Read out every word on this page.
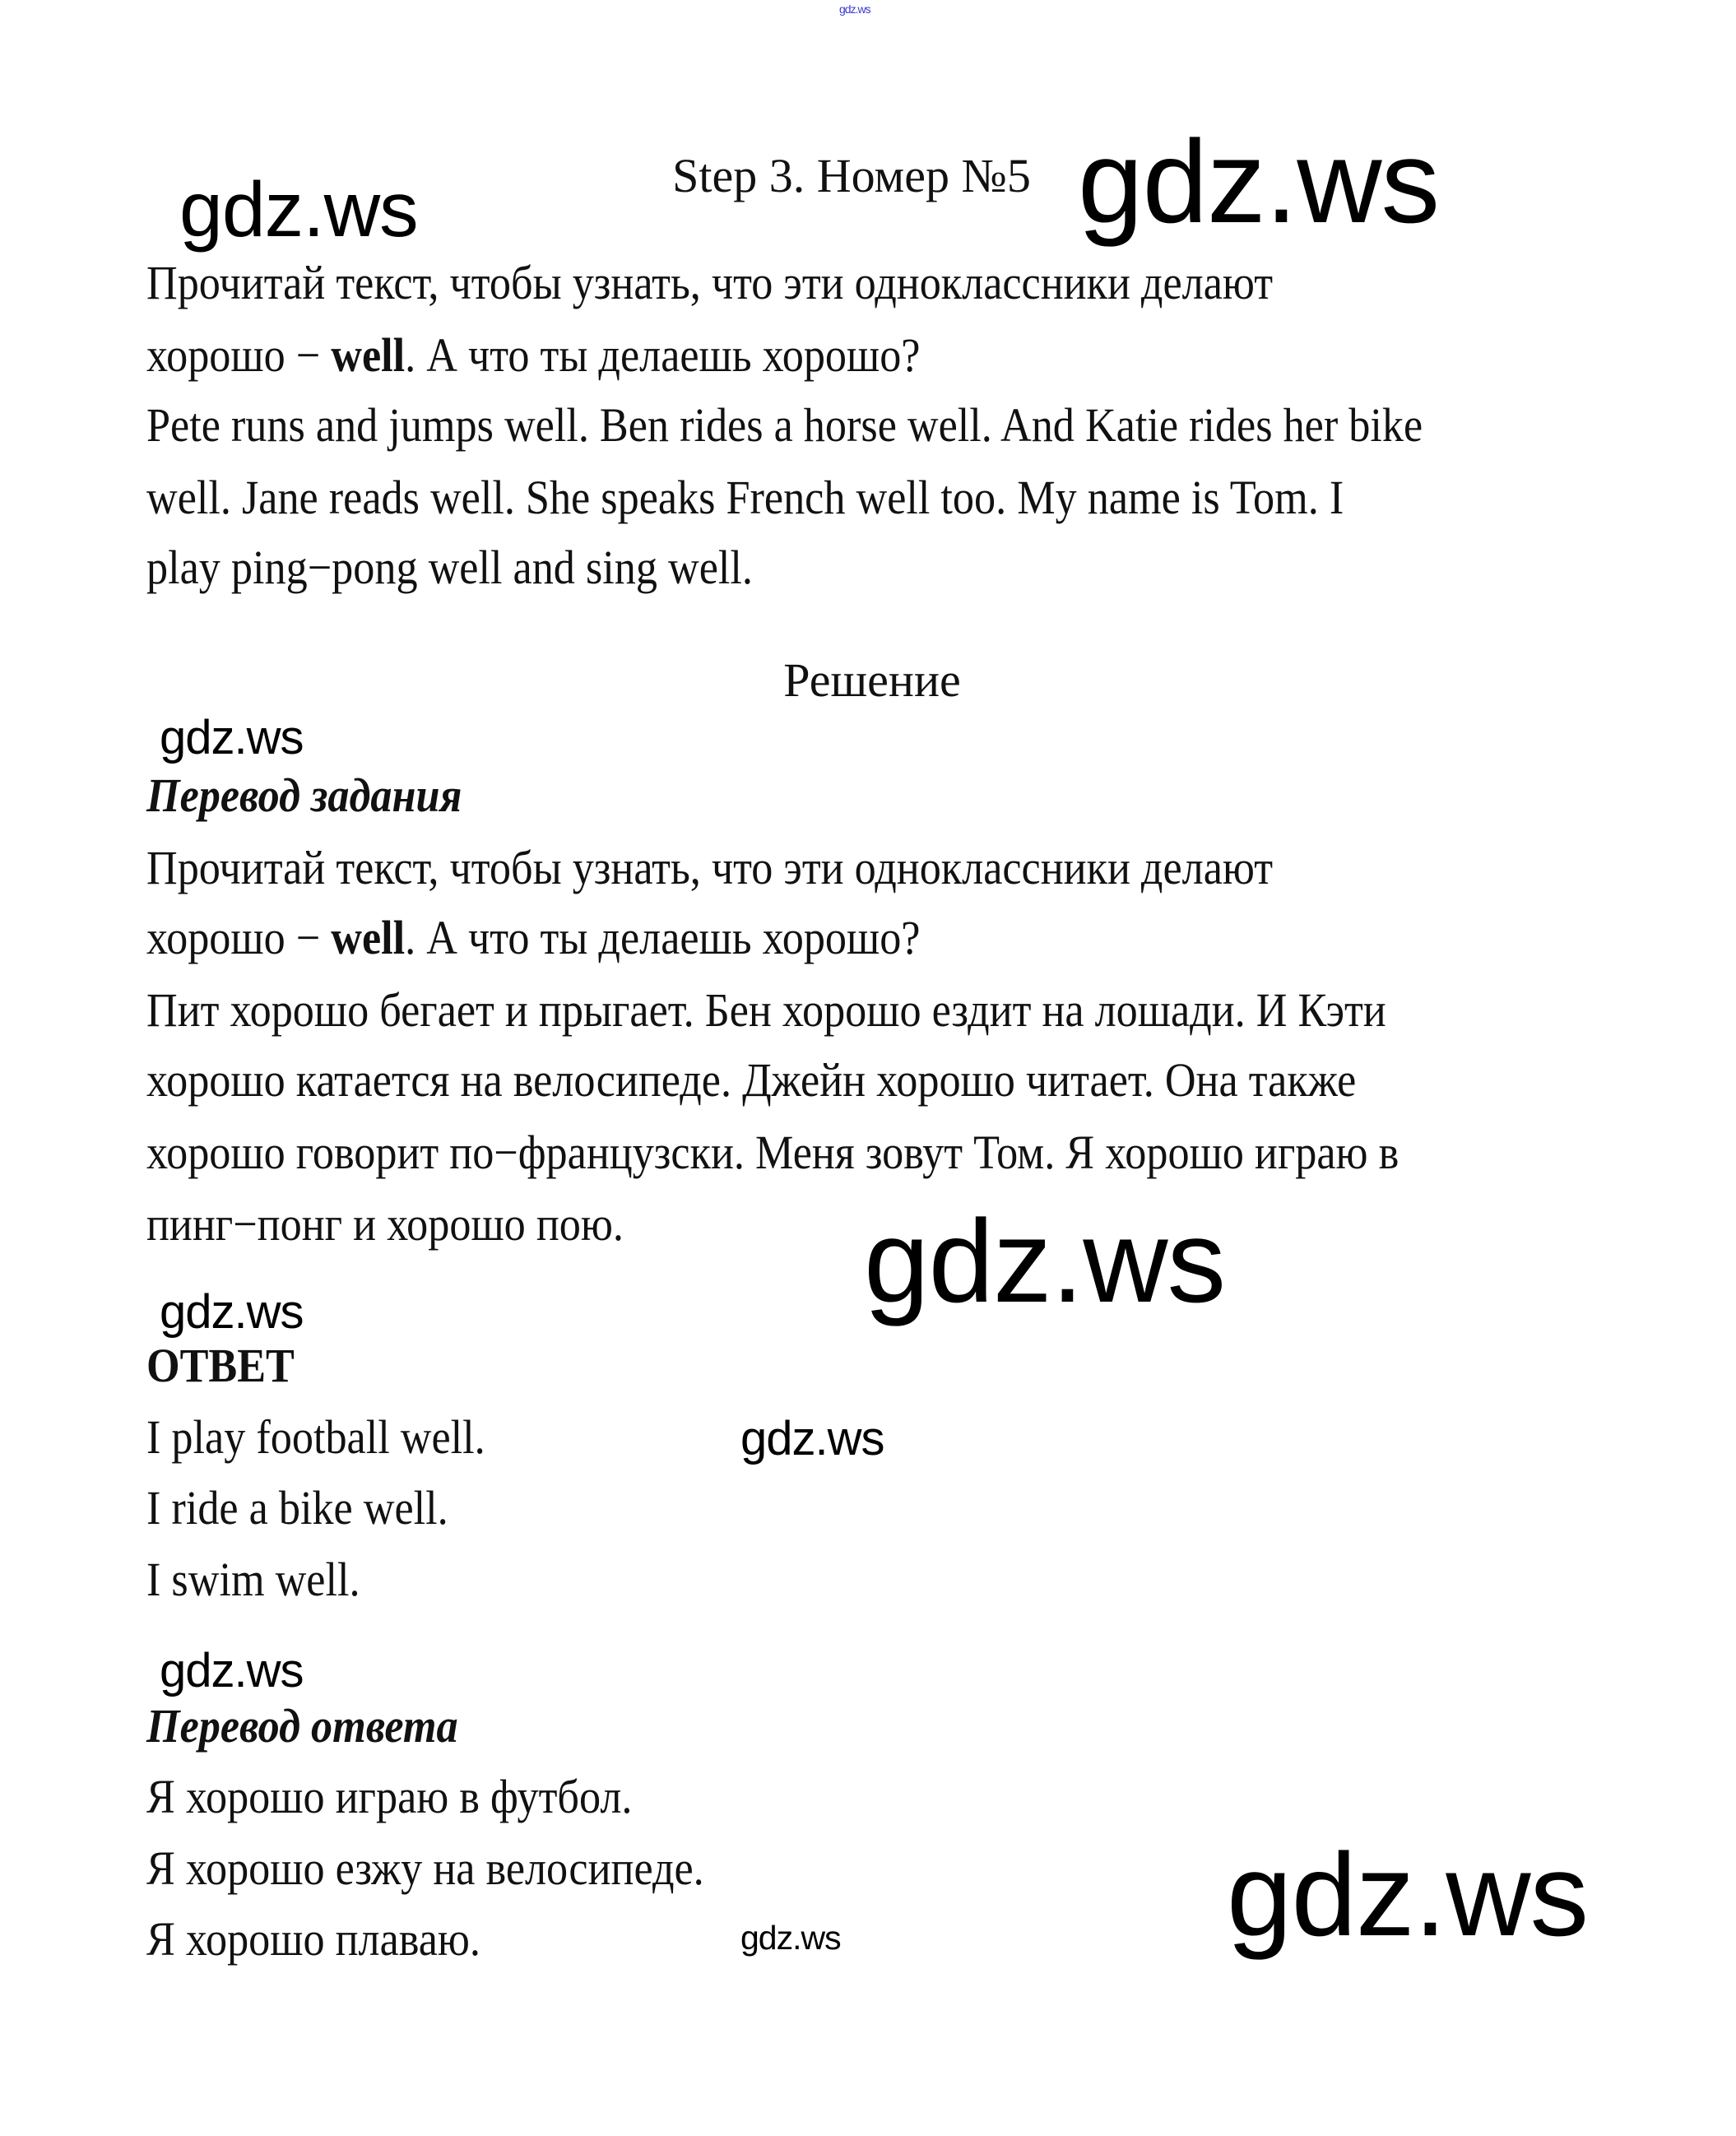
gdz.ws
Step 3. Номер №5
gdz.ws	gdz.ws
Прочитай текст, чтобы узнать, что эти одноклассники делают
хорошо − well. А что ты делаешь хорошо?
Pete runs and jumps well. Ben rides a horse well. And Katie rides her bike
well. Jane reads well. She speaks French well too. My name is Tom. I
play ping−pong well and sing well.
Решение
gdz.ws
Перевод задания
Прочитай текст, чтобы узнать, что эти одноклассники делают
хорошо − well. А что ты делаешь хорошо?
Пит хорошо бегает и прыгает. Бен хорошо ездит на лошади. И Кэти
хорошо катается на велосипеде. Джейн хорошо читает. Она также
хорошо говорит по−французски. Меня зовут Том. Я хорошо играю в
пинг−понг и хорошо пою. gdz.ws
gdz.ws
ОТВЕТ
I play football well.	gdz.ws
I ride a bike well.
I swim well.
gdz.ws
Перевод ответа
Я хорошо играю в футбол.
Я хорошо езжу на велосипеде.
Я хорошо плаваю.	gdz.ws	gdz.ws
